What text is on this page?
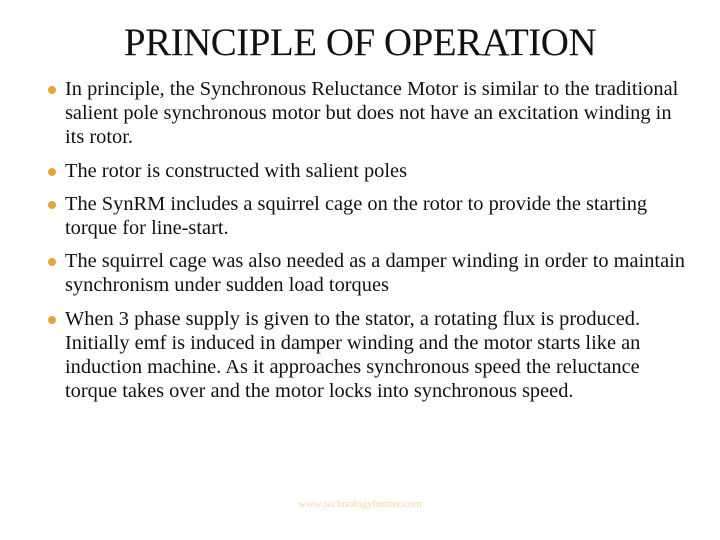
PRINCIPLE OF OPERATION
In principle, the Synchronous Reluctance Motor is similar to the traditional salient pole synchronous motor but does not have an excitation winding in its rotor.
The rotor is constructed with salient poles
The SynRM includes a squirrel cage on the rotor to provide the starting torque for line-start.
The squirrel cage was also needed as a damper winding in order to maintain synchronism under sudden load torques
When 3 phase supply is given to the stator, a rotating flux is produced. Initially emf is induced in damper winding and the motor starts like an induction machine. As it approaches synchronous speed the reluctance torque takes over and the motor locks into synchronous speed.
www.technologyhunter.com
